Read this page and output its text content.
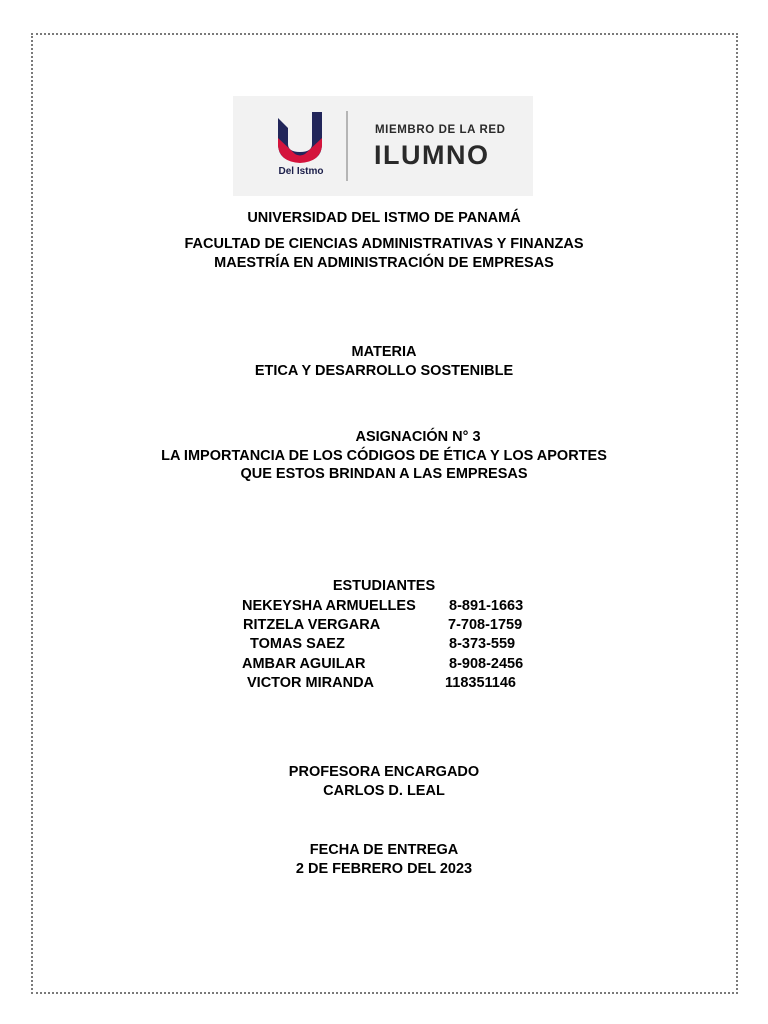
Del Istmo
MIEMBRO DE LA RED
ILUMNO
UNIVERSIDAD DEL ISTMO DE PANAMÁ
FACULTAD DE CIENCIAS ADMINISTRATIVAS Y FINANZAS
MAESTRÍA EN ADMINISTRACIÓN DE EMPRESAS
MATERIA
ETICA Y DESARROLLO SOSTENIBLE
ASIGNACIÓN N° 3
LA IMPORTANCIA DE LOS CÓDIGOS DE ÉTICA Y LOS APORTES
QUE ESTOS BRINDAN A LAS EMPRESAS
ESTUDIANTES
NEKEYSHA ARMUELLES 8-891-1663
RITZELA VERGARA	7-708-1759
TOMAS SAEZ	8-373-559
AMBAR AGUILAR	8-908-2456
VICTOR MIRANDA	118351146
PROFESORA ENCARGADO
CARLOS D. LEAL
FECHA DE ENTREGA
2 DE FEBRERO DEL 2023
